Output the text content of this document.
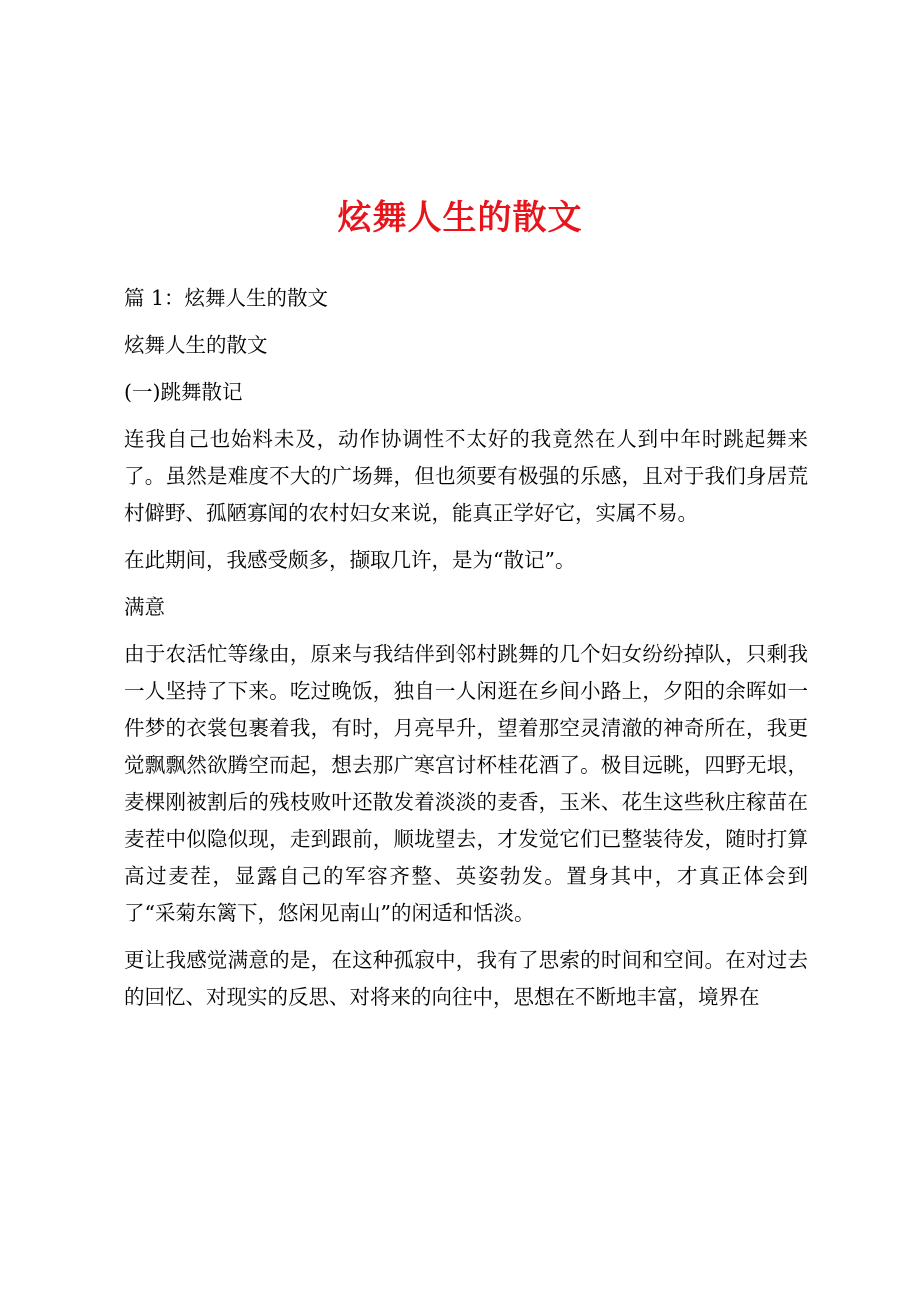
炫舞人生的散文

篇 1：炫舞人生的散文

炫舞人生的散文

(一)跳舞散记

连我自己也始料未及，动作协调性不太好的我竟然在人到中年时跳起舞来了。虽然是难度不大的广场舞，但也须要有极强的乐感，且对于我们身居荒村僻野、孤陋寡闻的农村妇女来说，能真正学好它，实属不易。

在此期间，我感受颇多，撷取几许，是为“散记”。

满意

由于农活忙等缘由，原来与我结伴到邻村跳舞的几个妇女纷纷掉队，只剩我一人坚持了下来。吃过晚饭，独自一人闲逛在乡间小路上，夕阳的余晖如一件梦的衣裳包裹着我，有时，月亮早升，望着那空灵清澈的神奇所在，我更觉飘飘然欲腾空而起，想去那广寒宫讨杯桂花酒了。极目远眺，四野无垠，麦棵刚被割后的残枝败叶还散发着淡淡的麦香，玉米、花生这些秋庄稼苗在麦茬中似隐似现，走到跟前，顺垅望去，才发觉它们已整装待发，随时打算高过麦茬，显露自己的军容齐整、英姿勃发。置身其中，才真正体会到了“采菊东篱下，悠闲见南山”的闲适和恬淡。

更让我感觉满意的是，在这种孤寂中，我有了思索的时间和空间。在对过去的回忆、对现实的反思、对将来的向往中，思想在不断地丰富，境界在
